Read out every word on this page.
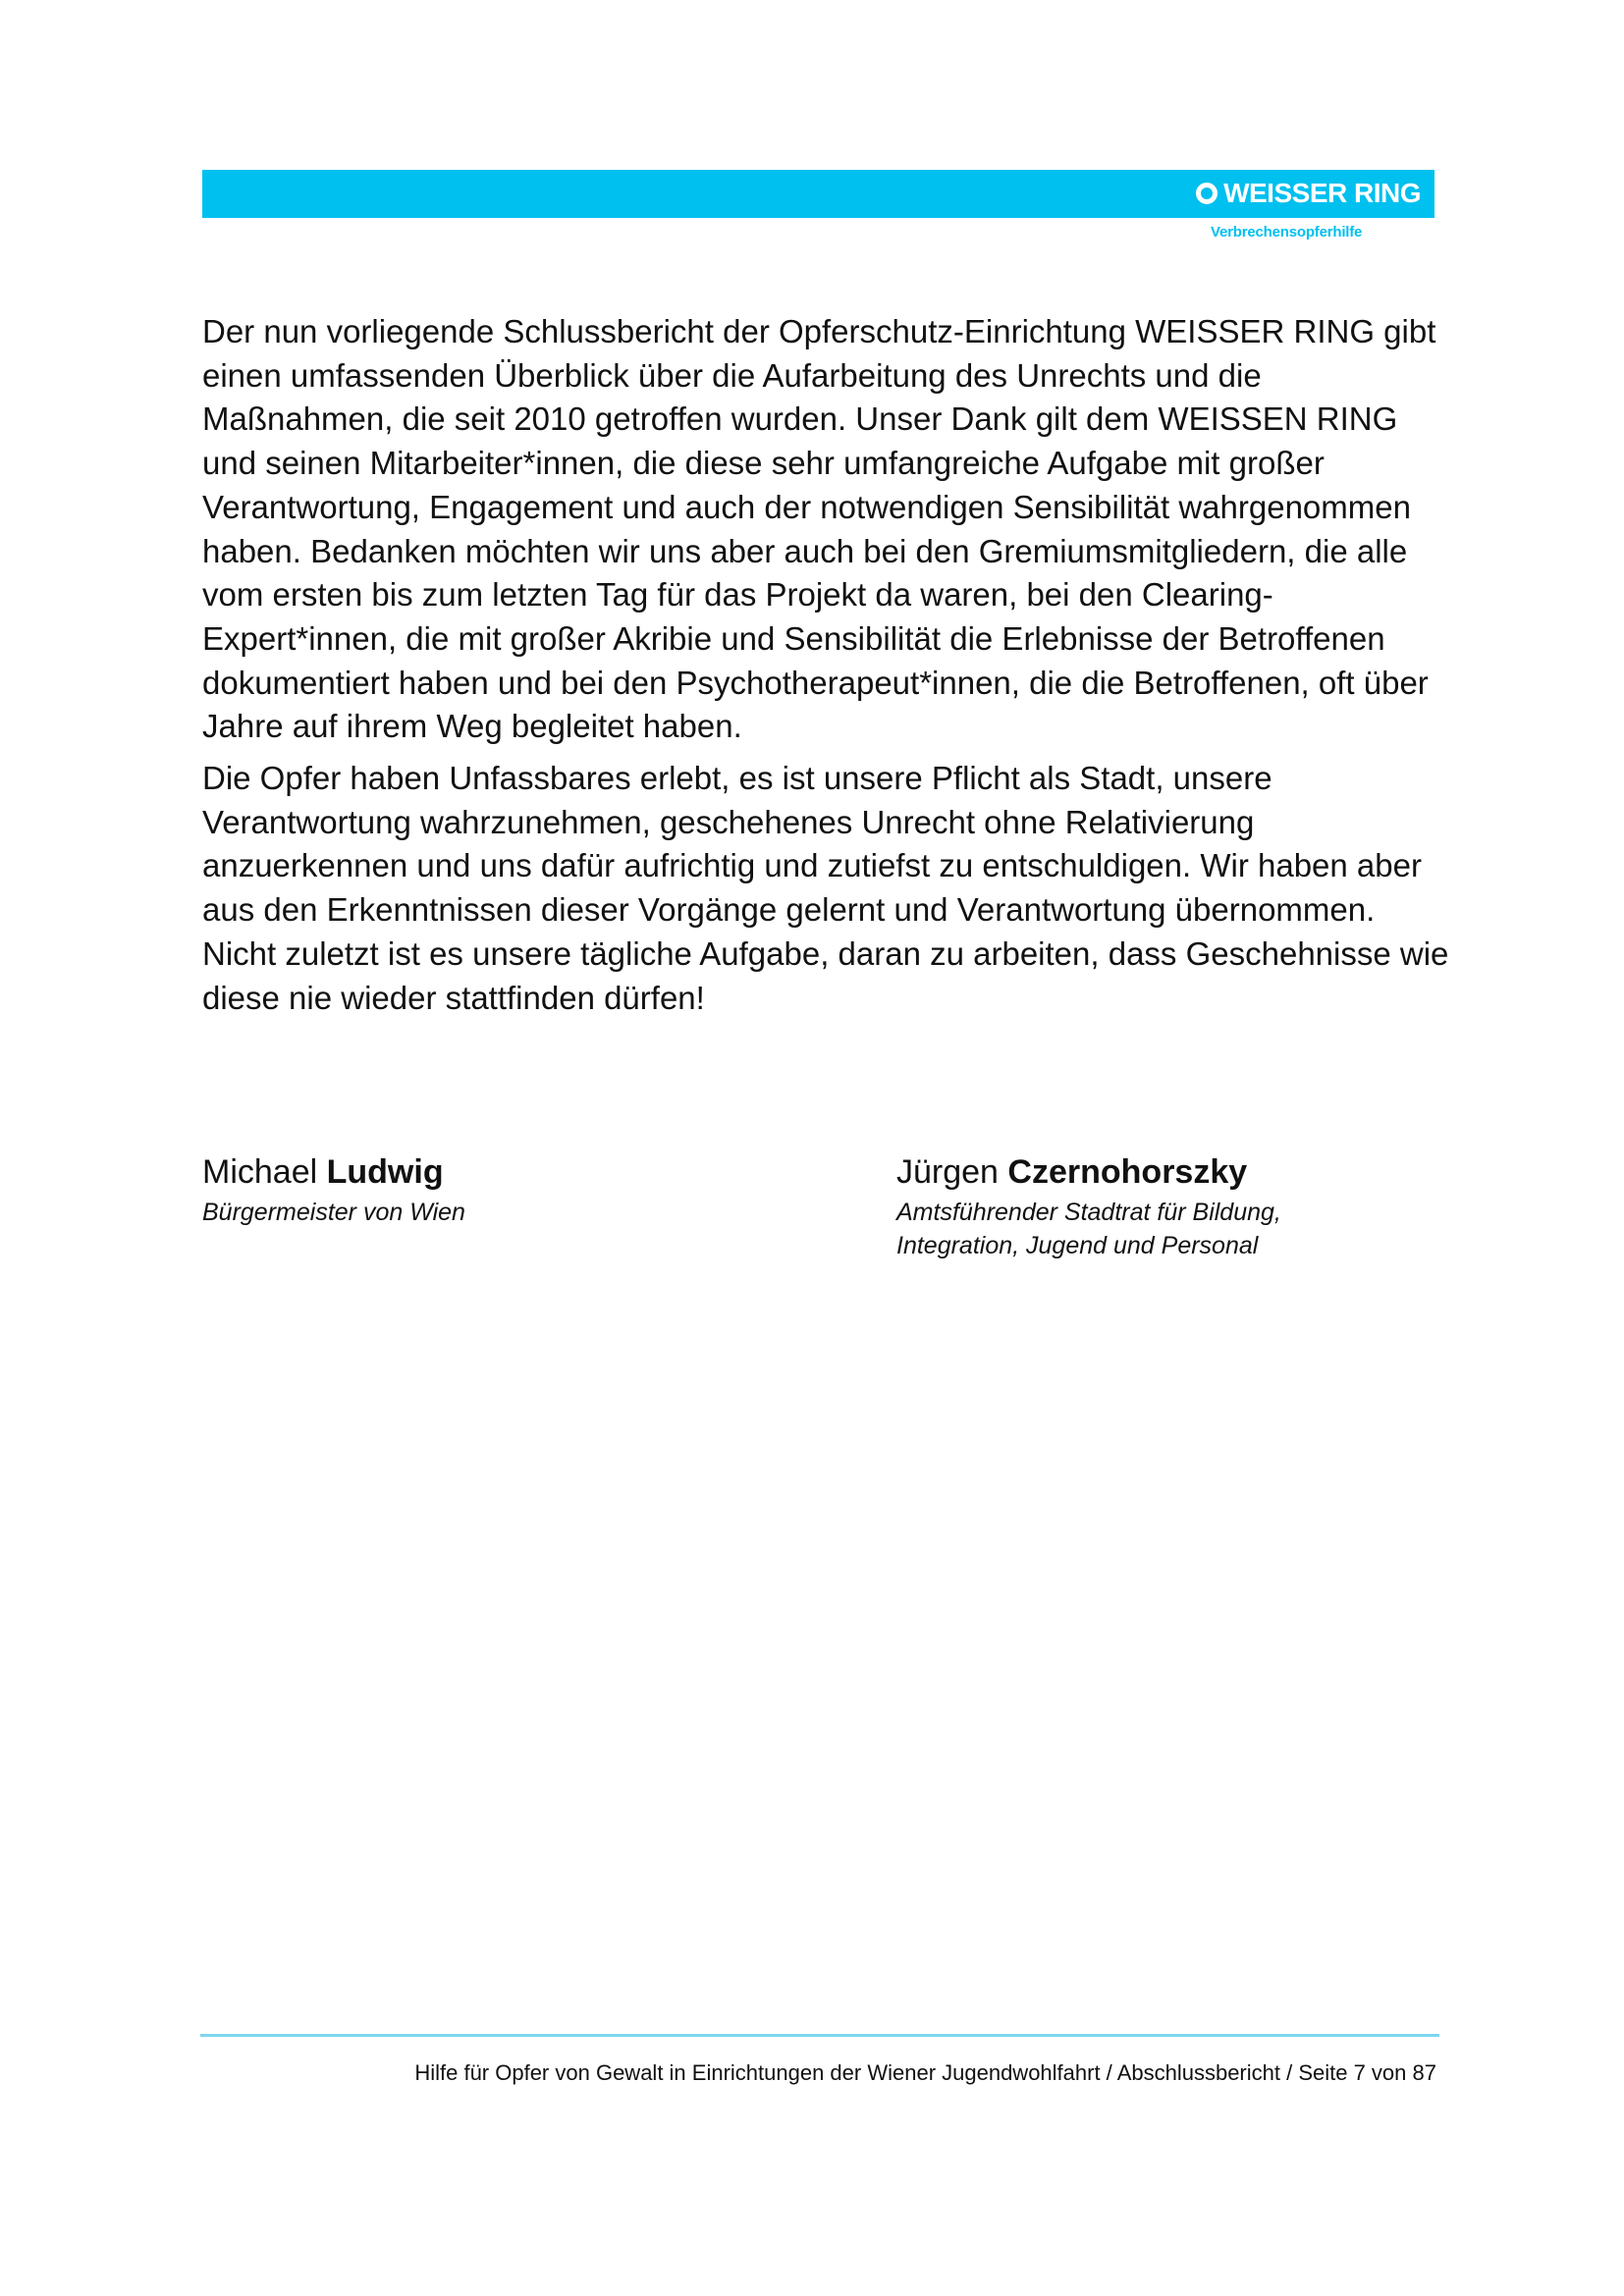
WEISSER RING
Verbrechensopferhilfe

Der nun vorliegende Schlussbericht der Opferschutz-Einrichtung WEISSER RING gibt einen umfassenden Überblick über die Aufarbeitung des Unrechts und die Maßnahmen, die seit 2010 getroffen wurden. Unser Dank gilt dem WEISSEN RING und seinen Mitarbeiter*innen, die diese sehr umfangreiche Aufgabe mit großer Verantwortung, Engagement und auch der notwendigen Sensibilität wahrgenommen haben. Bedanken möchten wir uns aber auch bei den Gremiumsmitgliedern, die alle vom ersten bis zum letzten Tag für das Projekt da waren, bei den Clearing-Expert*innen, die mit großer Akribie und Sensibilität die Erlebnisse der Betroffenen dokumentiert haben und bei den Psychotherapeut*innen, die die Betroffenen, oft über Jahre auf ihrem Weg begleitet haben.

Die Opfer haben Unfassbares erlebt, es ist unsere Pflicht als Stadt, unsere Verantwortung wahrzunehmen, geschehenes Unrecht ohne Relativierung anzuerkennen und uns dafür aufrichtig und zutiefst zu entschuldigen. Wir haben aber aus den Erkenntnissen dieser Vorgänge gelernt und Verantwortung übernommen. Nicht zuletzt ist es unsere tägliche Aufgabe, daran zu arbeiten, dass Geschehnisse wie diese nie wieder stattfinden dürfen!

Michael Ludwig
Bürgermeister von Wien
Jürgen Czernohorszky
Amtsführender Stadtrat für Bildung,
Integration, Jugend und Personal
Hilfe für Opfer von Gewalt in Einrichtungen der Wiener Jugendwohlfahrt / Abschlussbericht / Seite 7 von 87
